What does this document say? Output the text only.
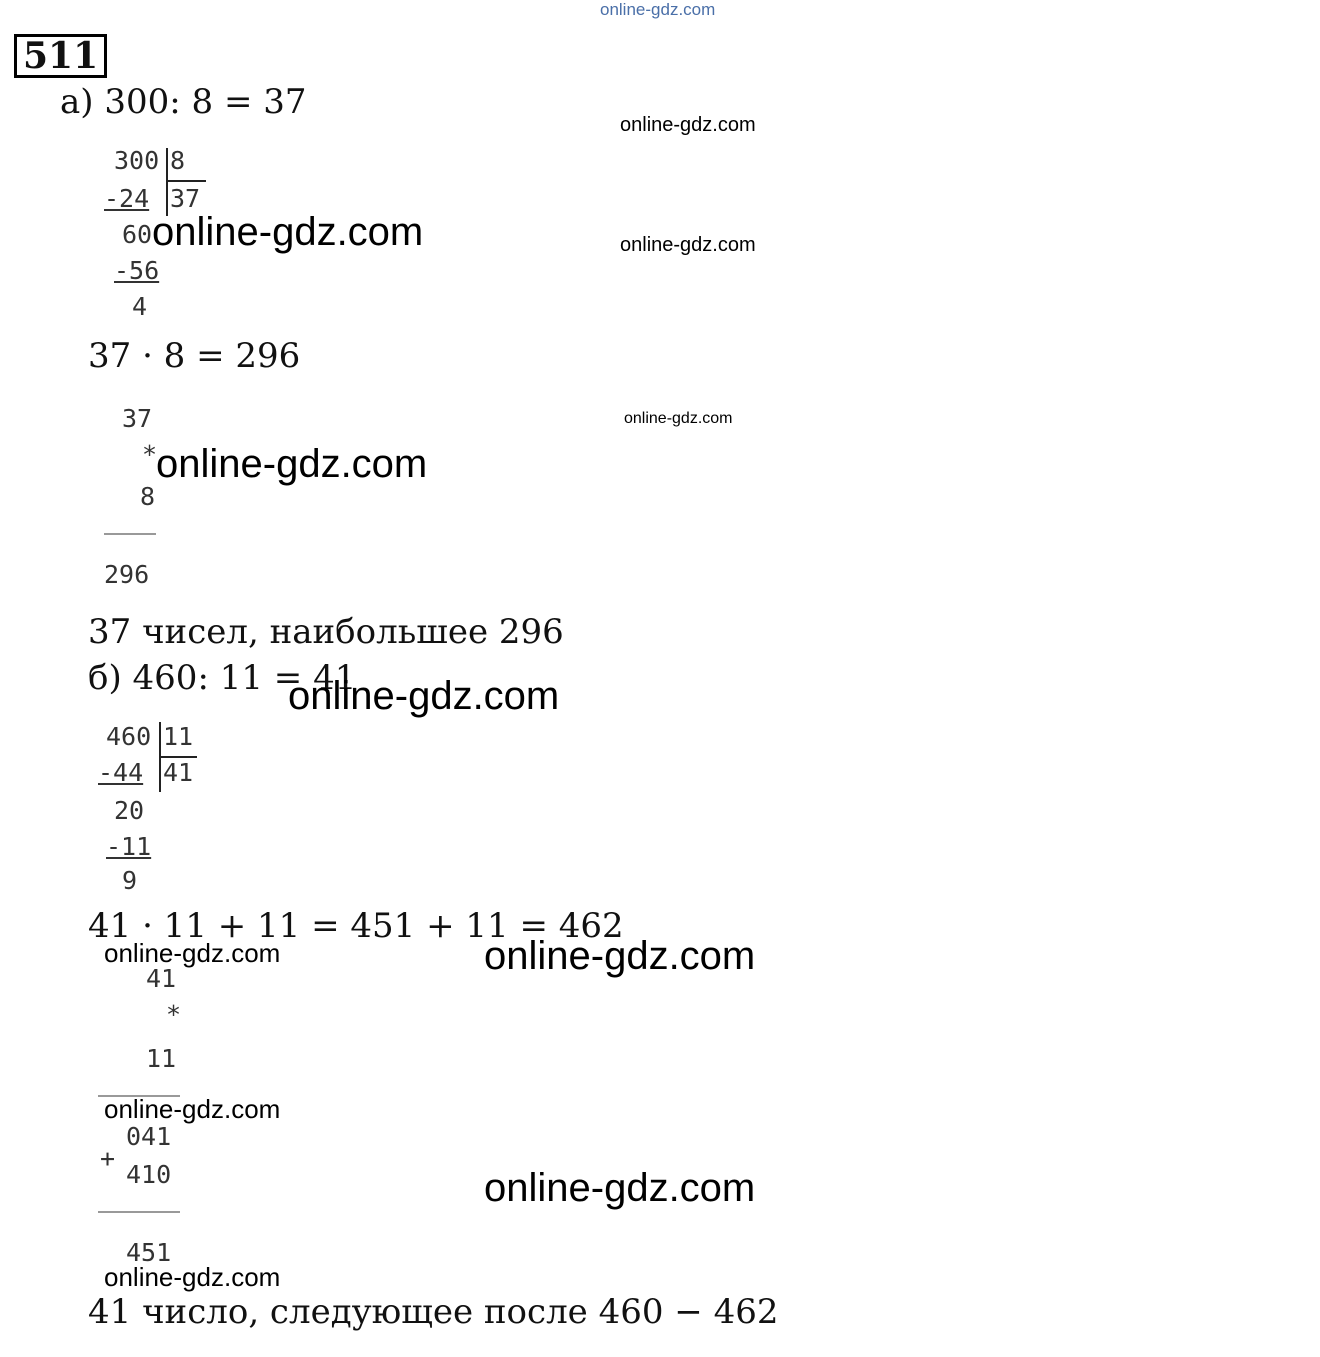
online-gdz.com
511
а) 300: 8 = 37
online-gdz.com
300 8
-24 37
60
-56
4
online-gdz.com	online-gdz.com
37 · 8 = 296
37
*
8
296
online-gdz.com
online-gdz.com
37 чисел, наибольшее 296
б) 460: 11 = 41
online-gdz.com
460 11
-44 41
20
-11
9
41 · 11 + 11 = 451 + 11 = 462
online-gdz.com	online-gdz.com
41
*
11
041
+
410
451
online-gdz.com
online-gdz.com
online-gdz.com
41 число, следующее после 460 − 462
